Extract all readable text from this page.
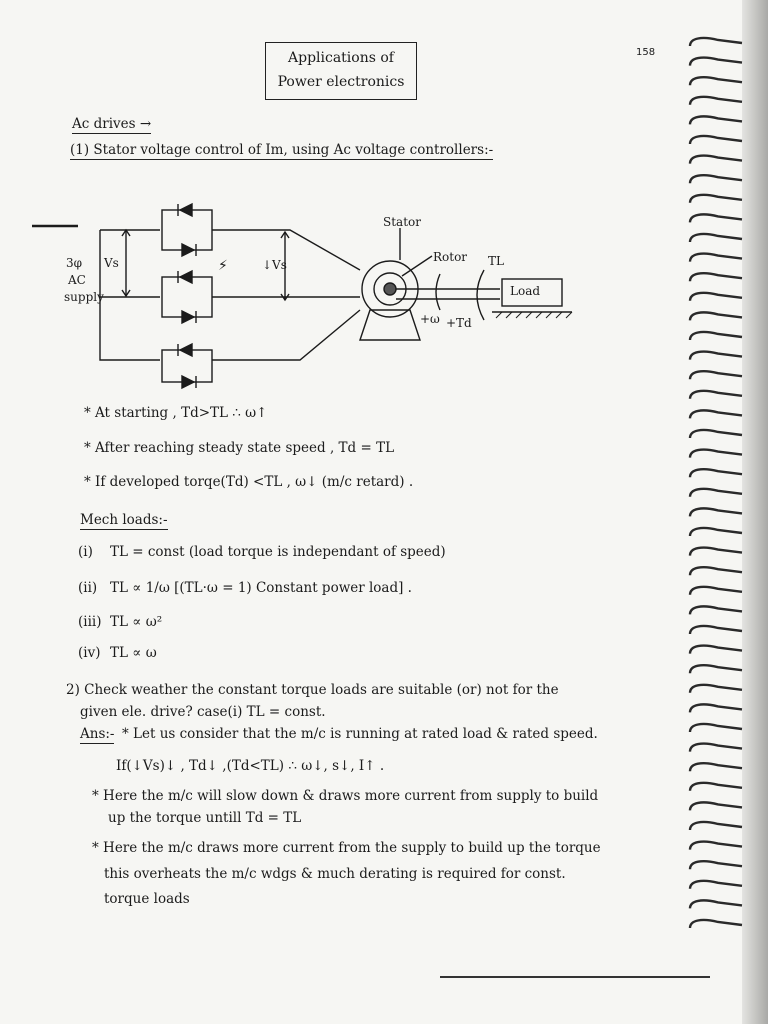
158
Applications of
Power electronics
Ac drives →
(1) Stator voltage control of Im, using Ac voltage controllers:-
⚡
3φ
AC
supply
Vs	↓Vs
Stator
Rotor TL
Load
+ω +Td
* At starting , Td>TL ∴ ω↑
* After reaching steady state speed , Td = TL
* If developed torqe(Td) <TL , ω↓ (m/c retard) .
Mech loads:-
(i) TL = const (load torque is independant of speed)
(ii) TL ∝ 1/ω [(TL·ω = 1) Constant power load] .
(iii) TL ∝ ω²
(iv) TL ∝ ω
2) Check weather the constant torque loads are suitable (or) not for the
given ele. drive? case(i) TL = const.
Ans:- * Let us consider that the m/c is running at rated load & rated speed.
If(↓Vs)↓ , Td↓ ,(Td<TL) ∴ ω↓, s↓, I↑ .
* Here the m/c will slow down & draws more current from supply to build
up the torque untill Td = TL
* Here the m/c draws more current from the supply to build up the torque
this overheats the m/c wdgs & much derating is required for const.
torque loads
